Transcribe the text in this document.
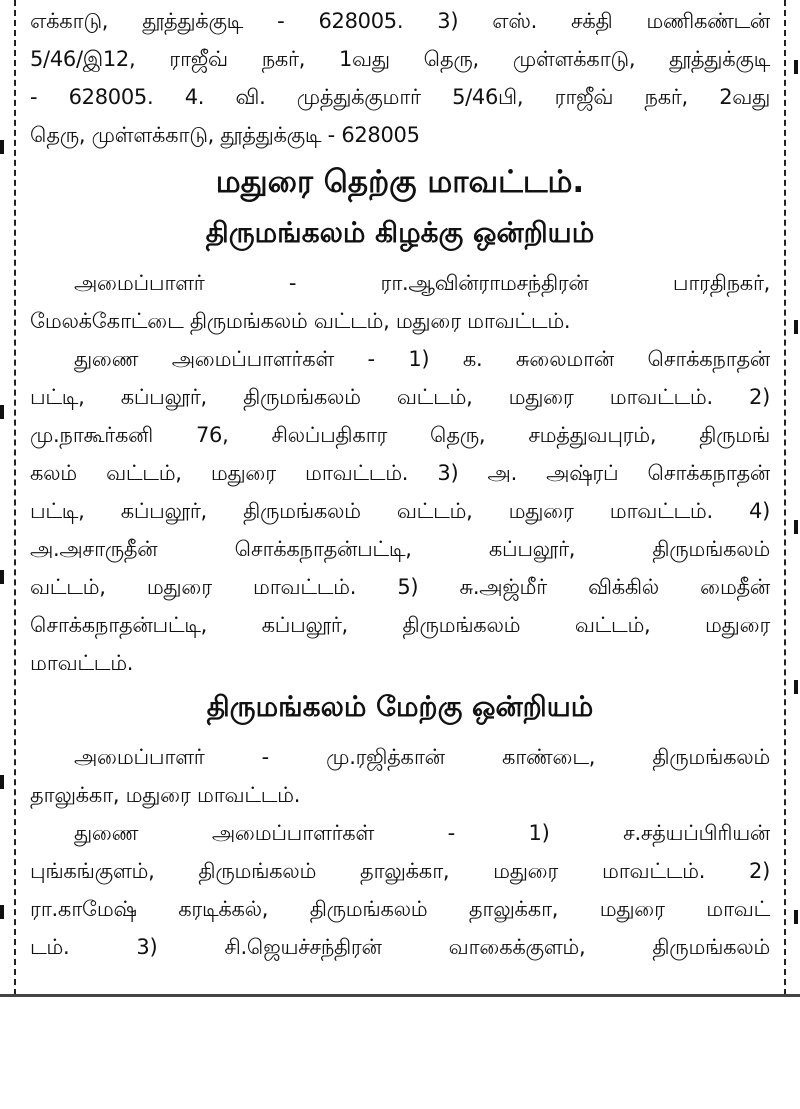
எக்காடு, தூத்துக்குடி - 628005. 3) எஸ். சக்தி மணிகண்டன்

5/46/இ12, ராஜீவ் நகர், 1வது தெரு, முள்ளக்காடு, தூத்துக்குடி

- 628005. 4. வி. முத்துக்குமார் 5/46பி, ராஜீவ் நகர், 2வது

தெரு, முள்ளக்காடு, தூத்துக்குடி - 628005

மதுரை தெற்கு மாவட்டம்.
திருமங்கலம் கிழக்கு ஒன்றியம்

அமைப்பாளர் - ரா.ஆவின்ராமசந்திரன் பாரதிநகர்,

மேலக்கோட்டை திருமங்கலம் வட்டம், மதுரை மாவட்டம்.

துணை அமைப்பாளர்கள் - 1) க. சுலைமான் சொக்கநாதன்

பட்டி, கப்பலூர், திருமங்கலம் வட்டம், மதுரை மாவட்டம். 2)

மு.நாகூர்கனி 76, சிலப்பதிகார தெரு, சமத்துவபுரம், திருமங்

கலம் வட்டம், மதுரை மாவட்டம். 3) அ. அஷ்ரப் சொக்கநாதன்

பட்டி, கப்பலூர், திருமங்கலம் வட்டம், மதுரை மாவட்டம். 4)

அ.அசாருதீன் சொக்கநாதன்பட்டி, கப்பலூர், திருமங்கலம்

வட்டம், மதுரை மாவட்டம். 5) சு.அஜ்மீர் விக்கில் மைதீன்

சொக்கநாதன்பட்டி, கப்பலூர், திருமங்கலம் வட்டம், மதுரை

மாவட்டம்.

திருமங்கலம் மேற்கு ஒன்றியம்

அமைப்பாளர் - மு.ரஜித்கான் காண்டை, திருமங்கலம்

தாலுக்கா, மதுரை மாவட்டம்.

துணை அமைப்பாளர்கள் - 1) ச.சத்யப்பிரியன்

புங்கங்குளம், திருமங்கலம் தாலுக்கா, மதுரை மாவட்டம். 2)

ரா.காமேஷ் கரடிக்கல், திருமங்கலம் தாலுக்கா, மதுரை மாவட்

டம். 3) சி.ஜெயச்சந்திரன் வாகைக்குளம், திருமங்கலம்
